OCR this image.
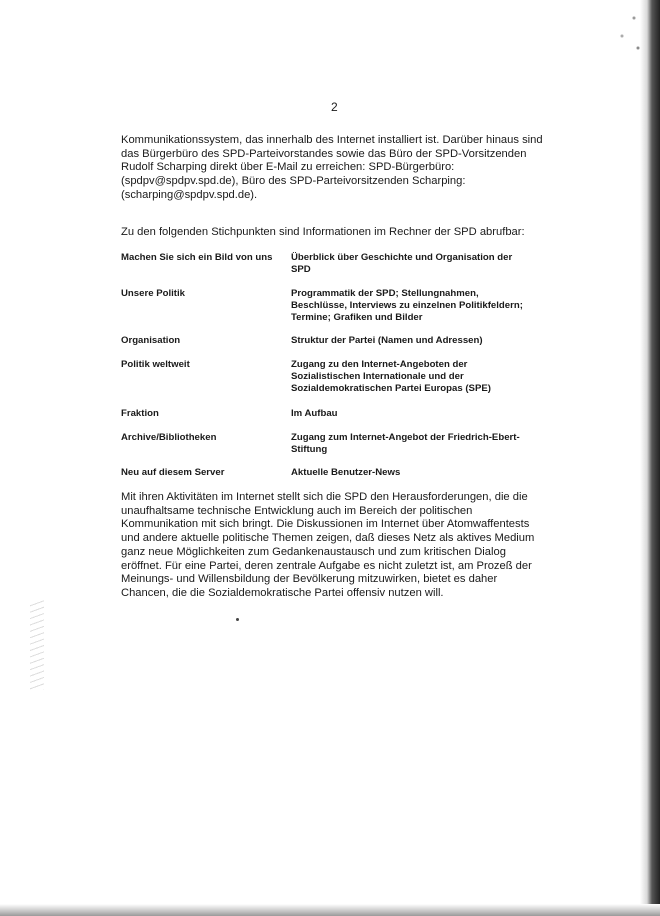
2
Kommunikationssystem, das innerhalb des Internet installiert ist. Darüber hinaus sind
das Bürgerbüro des SPD-Parteivorstandes sowie das Büro der SPD-Vorsitzenden
Rudolf Scharping direkt über E-Mail zu erreichen: SPD-Bürgerbüro:
(spdpv@spdpv.spd.de), Büro des SPD-Parteivorsitzenden Scharping:
(scharping@spdpv.spd.de).
Zu den folgenden Stichpunkten sind Informationen im Rechner der SPD abrufbar:
Machen Sie sich ein Bild von uns	Überblick über Geschichte und Organisation der
SPD
Unsere Politik	Programmatik der SPD; Stellungnahmen,
Beschlüsse, Interviews zu einzelnen Politikfeldern;
Termine; Grafiken und Bilder
Organisation	Struktur der Partei (Namen und Adressen)
Politik weltweit	Zugang zu den Internet-Angeboten der
Sozialistischen Internationale und der
Sozialdemokratischen Partei Europas (SPE)
Fraktion	Im Aufbau
Archive/Bibliotheken	Zugang zum Internet-Angebot der Friedrich-Ebert-
Stiftung
Neu auf diesem Server	Aktuelle Benutzer-News
Mit ihren Aktivitäten im Internet stellt sich die SPD den Herausforderungen, die die
unaufhaltsame technische Entwicklung auch im Bereich der politischen
Kommunikation mit sich bringt. Die Diskussionen im Internet über Atomwaffentests
und andere aktuelle politische Themen zeigen, daß dieses Netz als aktives Medium
ganz neue Möglichkeiten zum Gedankenaustausch und zum kritischen Dialog
eröffnet. Für eine Partei, deren zentrale Aufgabe es nicht zuletzt ist, am Prozeß der
Meinungs- und Willensbildung der Bevölkerung mitzuwirken, bietet es daher
Chancen, die die Sozialdemokratische Partei offensiv nutzen will.
